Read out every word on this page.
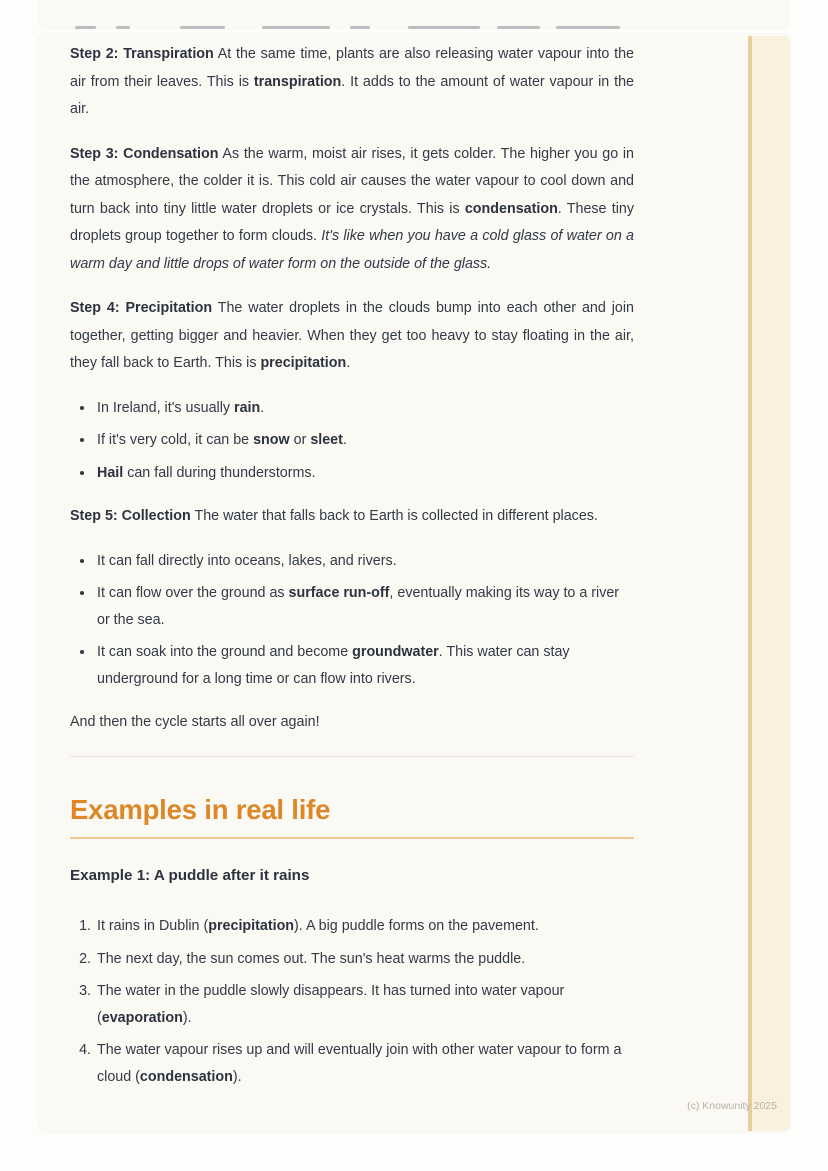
Step 2: Transpiration At the same time, plants are also releasing water vapour into the air from their leaves. This is transpiration. It adds to the amount of water vapour in the air.

Step 3: Condensation As the warm, moist air rises, it gets colder. The higher you go in the atmosphere, the colder it is. This cold air causes the water vapour to cool down and turn back into tiny little water droplets or ice crystals. This is condensation. These tiny droplets group together to form clouds. It's like when you have a cold glass of water on a warm day and little drops of water form on the outside of the glass.

Step 4: Precipitation The water droplets in the clouds bump into each other and join together, getting bigger and heavier. When they get too heavy to stay floating in the air, they fall back to Earth. This is precipitation.

• In Ireland, it's usually rain.
• If it's very cold, it can be snow or sleet.
• Hail can fall during thunderstorms.

Step 5: Collection The water that falls back to Earth is collected in different places.

• It can fall directly into oceans, lakes, and rivers.
• It can flow over the ground as surface run-off, eventually making its way to a river or the sea.
• It can soak into the ground and become groundwater. This water can stay underground for a long time or can flow into rivers.

And then the cycle starts all over again!

Examples in real life
Example 1: A puddle after it rains
1. It rains in Dublin (precipitation). A big puddle forms on the pavement.
2. The next day, the sun comes out. The sun's heat warms the puddle.
3. The water in the puddle slowly disappears. It has turned into water vapour (evaporation).
4. The water vapour rises up and will eventually join with other water vapour to form a cloud (condensation).
(c) Knowunity 2025
